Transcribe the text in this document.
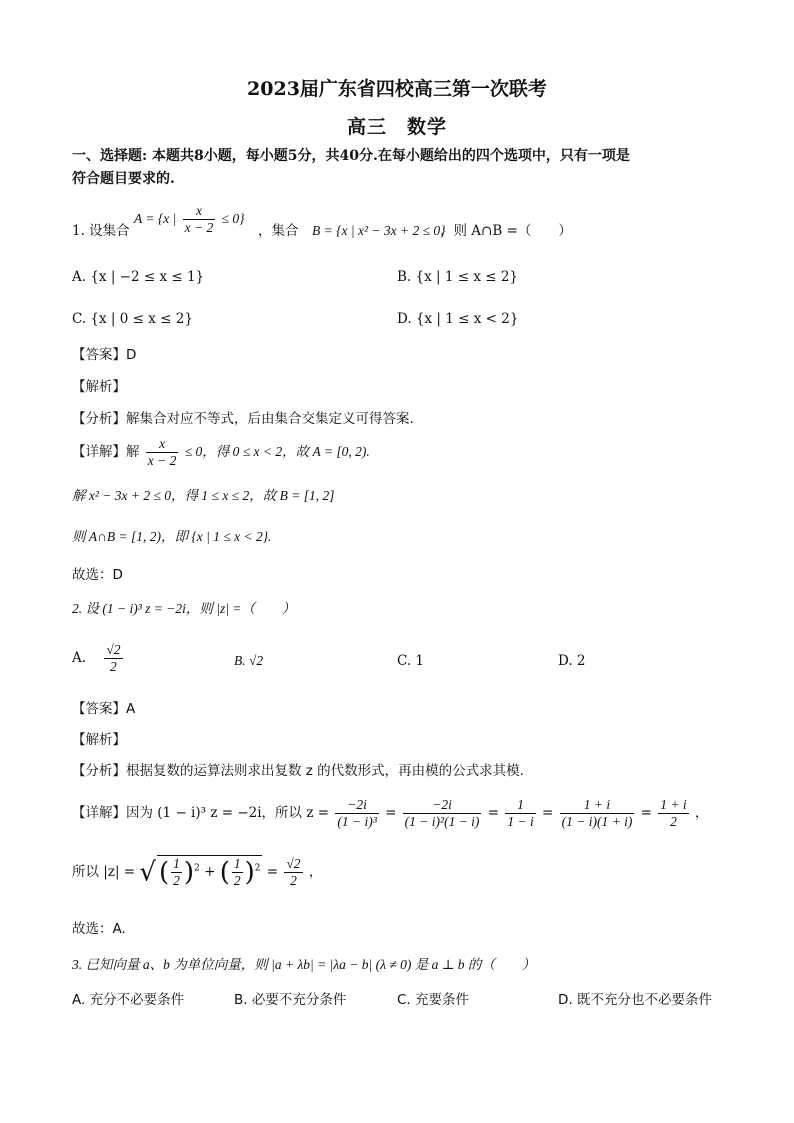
2023届广东省四校高三第一次联考
高三　数学
一、选择题: 本题共8小题，每小题5分，共40分.在每小题给出的四个选项中，只有一项是
符合题目要求的.
1. 设集合
A = {x | $\frac{x}{x - 2} \le 0$}
，集合 B = {x | x² − 3x + 2 ≤ 0}
，则 A∩B =（　　）
A. {x | −2 ≤ x ≤ 1}	B. {x | 1 ≤ x ≤ 2}
C. {x | 0 ≤ x ≤ 2}	D. {x | 1 ≤ x < 2}
【答案】D
【解析】
【分析】解集合对应不等式，后由集合交集定义可得答案.
【详解】解 $\frac{x}{x - 2} \le 0$，得 0 ≤ x < 2，故 A = [0, 2).
解 x² − 3x + 2 ≤ 0，得 1 ≤ x ≤ 2，故 B = [1, 2]
则 A∩B = [1, 2)，即 {x | 1 ≤ x < 2}.
故选：D
2. 设 (1 − i)³ z = −2i，则 |z| =（　　）
A. $\frac{√2}{2}$	B. √2	C. 1	D. 2
【答案】A
【解析】
【分析】根据复数的运算法则求出复数 z 的代数形式，再由模的公式求其模.
【详解】因为 (1 − i)³ z = −2i，所以 $z = \frac{-2i}{\text{(1 − i)³}} = \frac{-2i}{\text{(1 − i)²(1 − i)}} = \frac{1}{1 - i} = \frac{1 + i}{(1 - i)(1 + i)} = \frac{1 + i}{2}$ ，
所以 |z| = √ ( $\frac{1}{2} )^2$ + ( $\frac{1}{2} )^2 = \frac{√2}{2}$ ，
故选：A.
3. 已知向量 a、b 为单位向量，则 |a + λb| = |λa − b| (λ ≠ 0) 是 a ⊥ b 的（　　）
A. 充分不必要条件	B. 必要不充分条件	C. 充要条件	D. 既不充分也不必要条件
